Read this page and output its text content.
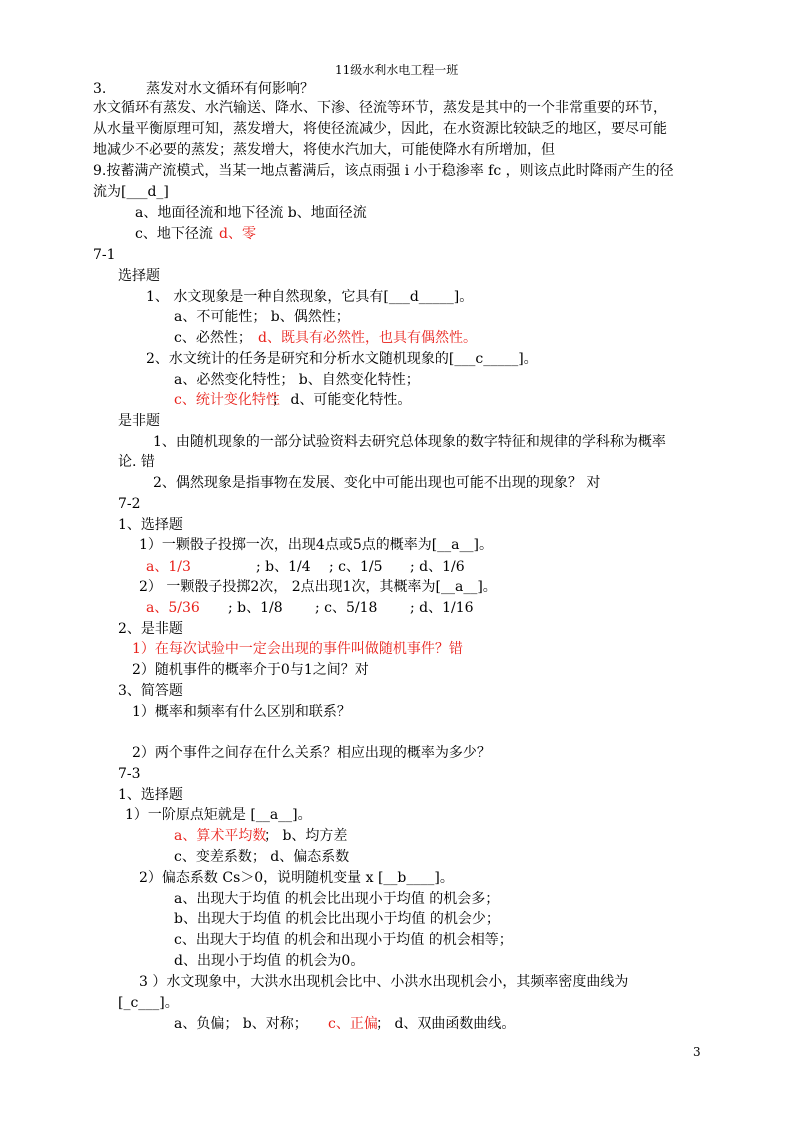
11级水利水电工程一班
3.	蒸发对水文循环有何影响？
水文循环有蒸发、水汽输送、降水、下渗、径流等环节，蒸发是其中的一个非常重要的环节，
从水量平衡原理可知，蒸发增大，将使径流减少，因此，在水资源比较缺乏的地区，要尽可能
地减少不必要的蒸发；蒸发增大，将使水汽加大，可能使降水有所增加，但
9.按蓄满产流模式，当某一地点蓄满后，该点雨强 i 小于稳渗率 fc ，则该点此时降雨产生的径
流为[___d_]
a、地面径流和地下径流 b、地面径流
c、地下径流 d、零
7-1
选择题
1、 水文现象是一种自然现象，它具有[___d_____]。
a、不可能性； b、偶然性；
c、必然性； d、既具有必然性，也具有偶然性。
2、水文统计的任务是研究和分析水文随机现象的[___c_____]。
a、必然变化特性； b、自然变化特性；
c、统计变化特性
； d、可能变化特性。
是非题
1、由随机现象的一部分试验资料去研究总体现象的数字特征和规律的学科称为概率
论. 错
2、偶然现象是指事物在发展、变化中可能出现也可能不出现的现象？ 对
7-2
1、选择题
1）一颗骰子投掷一次，出现4点或5点的概率为[__a__]。
a、1/3	; b、1/4 ; c、1/5 ; d、1/6
2） 一颗骰子投掷2次， 2点出现1次，其概率为[__a__]。
a、5/36 ; b、1/8 ; c、5/18 ; d、1/16
2、是非题
1）在每次试验中一定会出现的事件叫做随机事件？错
2）随机事件的概率介于0与1之间？对
3、简答题
1）概率和频率有什么区别和联系？
2）两个事件之间存在什么关系？相应出现的概率为多少？
7-3
1、选择题
1）一阶原点矩就是 [__a__]。
a、算术平均数
； b、均方差
c、变差系数； d、偏态系数
2）偏态系数 Cs＞0，说明随机变量 x [__b____]。
a、出现大于均值 的机会比出现小于均值 的机会多；
b、出现大于均值 的机会比出现小于均值 的机会少；
c、出现大于均值 的机会和出现小于均值 的机会相等；
d、出现小于均值 的机会为0。
3 ）水文现象中，大洪水出现机会比中、小洪水出现机会小，其频率密度曲线为
[_c___]。
a、负偏； b、对称； c、正偏
； d、双曲函数曲线。
3
